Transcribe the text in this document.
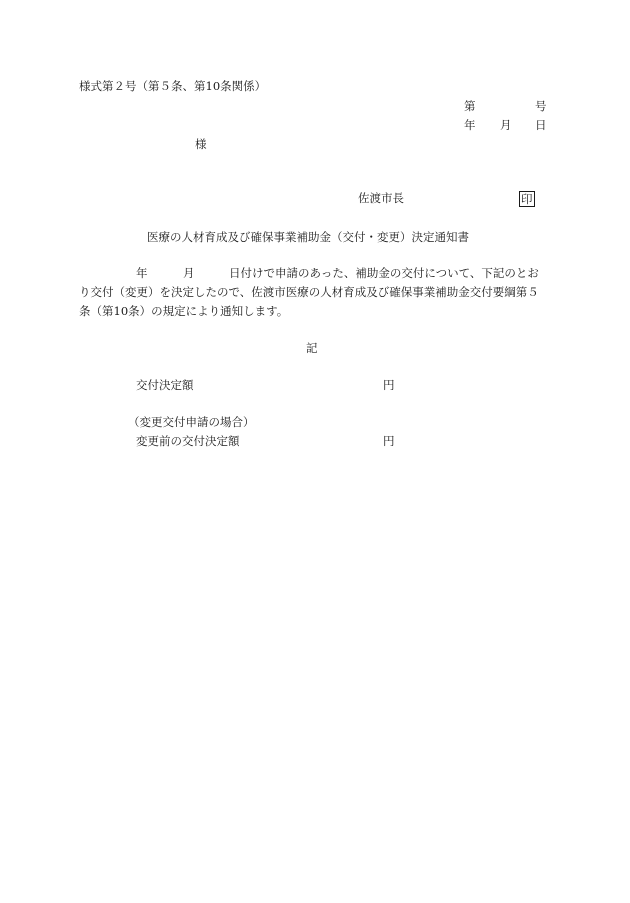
様式第２号（第５条、第10条関係）
第	号
年 月 日
様
佐渡市長	印
医療の人材育成及び確保事業補助金（交付・変更）決定通知書
年	月	日付けで申請のあった、補助金の交付について、下記のとお
り交付（変更）を決定したので、佐渡市医療の人材育成及び確保事業補助金交付要綱第５
条（第10条）の規定により通知します。
記
交付決定額	円
（変更交付申請の場合）
変更前の交付決定額	円
